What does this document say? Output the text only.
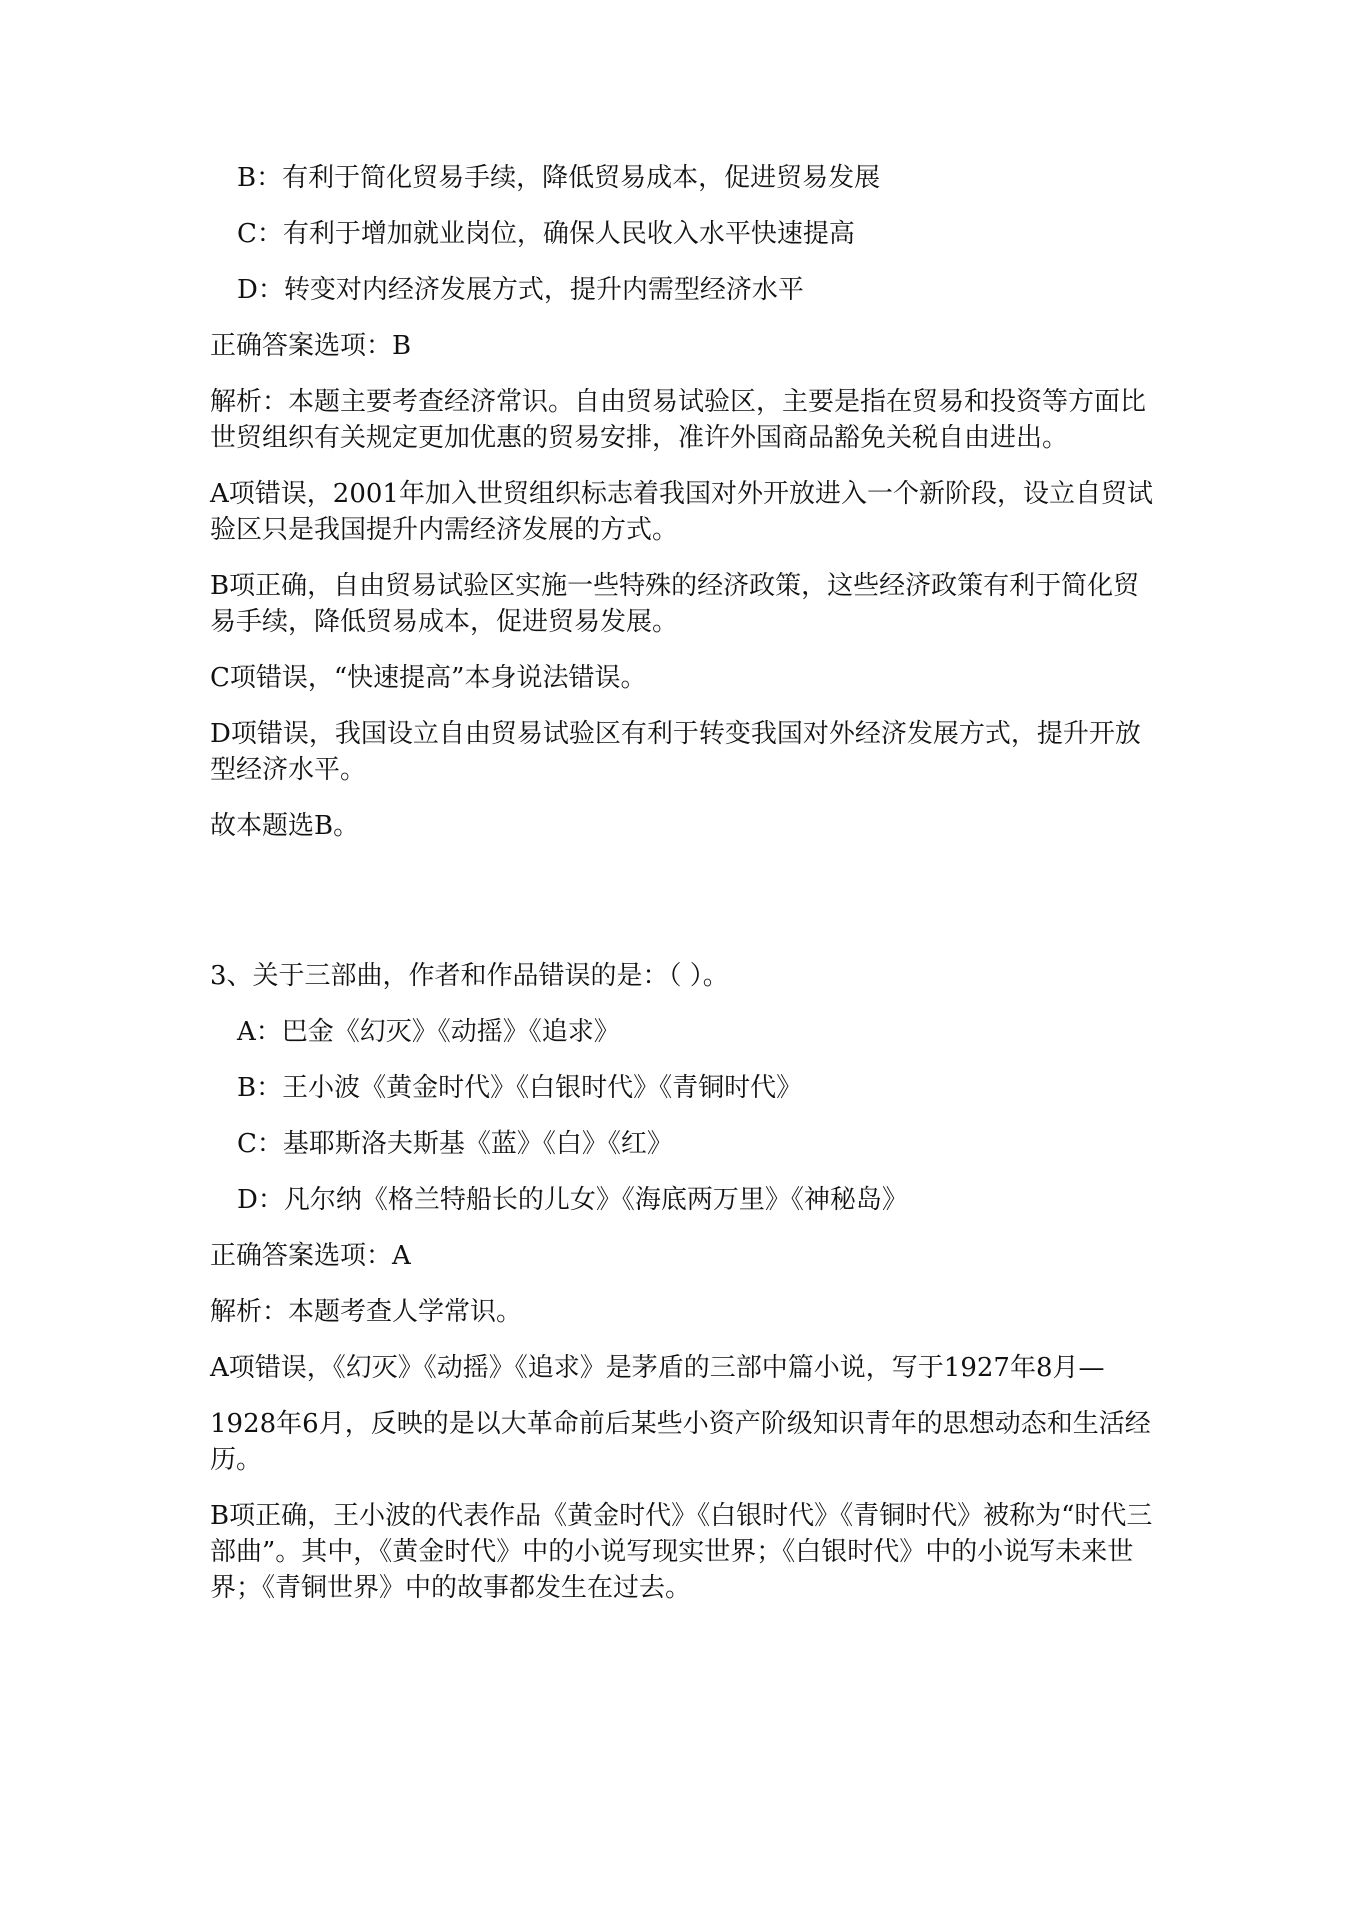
B：有利于简化贸易手续，降低贸易成本，促进贸易发展
C：有利于增加就业岗位，确保人民收入水平快速提高
D：转变对内经济发展方式，提升内需型经济水平
正确答案选项：B

解析：本题主要考查经济常识。自由贸易试验区，主要是指在贸易和投资等方面比世贸组织有关规定更加优惠的贸易安排，准许外国商品豁免关税自由进出。

A项错误，2001年加入世贸组织标志着我国对外开放进入一个新阶段，设立自贸试验区只是我国提升内需经济发展的方式。

B项正确，自由贸易试验区实施一些特殊的经济政策，这些经济政策有利于简化贸易手续，降低贸易成本，促进贸易发展。

C项错误，“快速提高”本身说法错误。

D项错误，我国设立自由贸易试验区有利于转变我国对外经济发展方式，提升开放型经济水平。

故本题选B。

3、关于三部曲，作者和作品错误的是：（ ）。

A：巴金《幻灭》《动摇》《追求》
B：王小波《黄金时代》《白银时代》《青铜时代》
C：基耶斯洛夫斯基《蓝》《白》《红》
D：凡尔纳《格兰特船长的儿女》《海底两万里》《神秘岛》
正确答案选项：A

解析：本题考查人学常识。

A项错误，《幻灭》《动摇》《追求》是茅盾的三部中篇小说，写于1927年8月—

1928年6月，反映的是以大革命前后某些小资产阶级知识青年的思想动态和生活经历。

B项正确，王小波的代表作品《黄金时代》《白银时代》《青铜时代》被称为“时代三部曲”。其中，《黄金时代》中的小说写现实世界；《白银时代》中的小说写未来世界；《青铜世界》中的故事都发生在过去。
